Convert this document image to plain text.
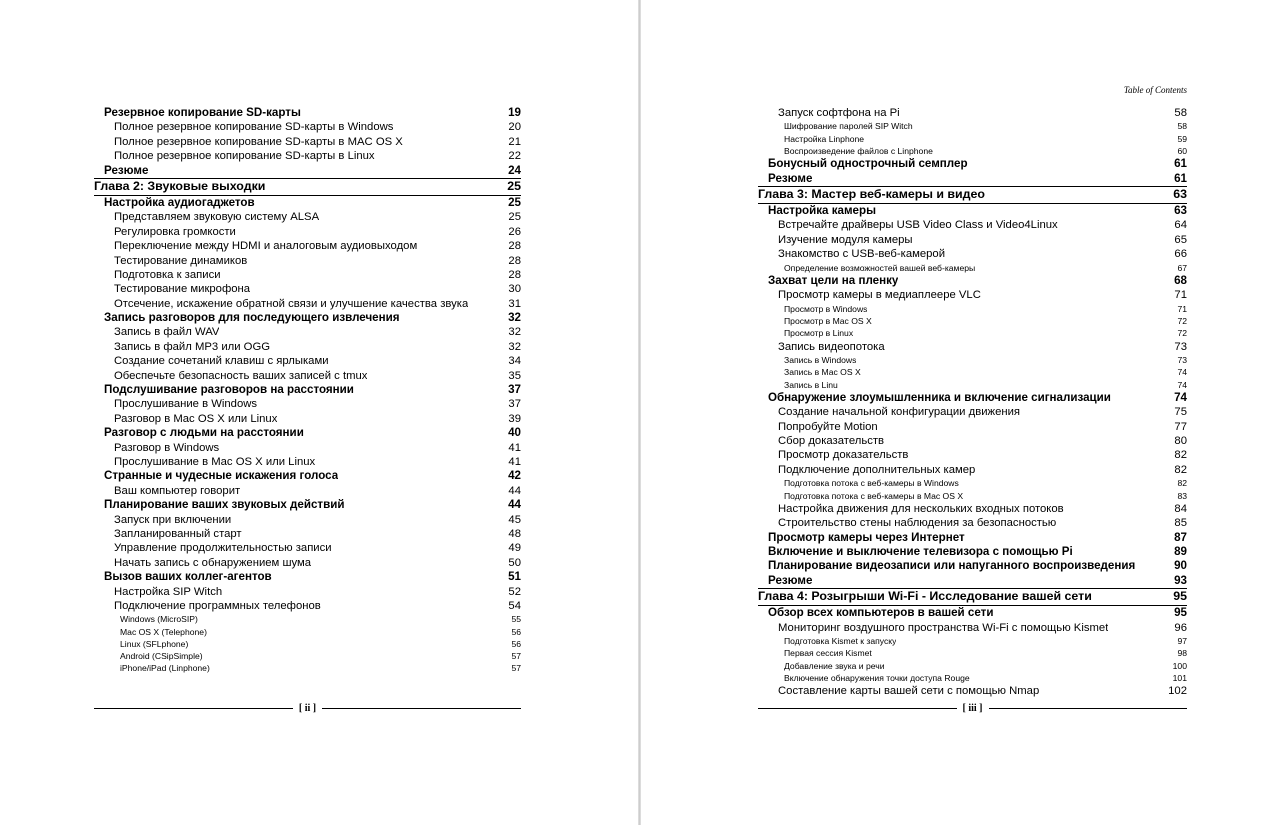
Резервное копирование SD-карты	19
Полное резервное копирование SD-карты в Windows	20
Полное резервное копирование SD-карты в MAC OS X	21
Полное резервное копирование SD-карты в Linux	22
Резюме	24
Глава 2: Звуковые выходки	25
Настройка аудиогаджетов	25
Представляем звуковую систему ALSA	25
Регулировка громкости	26
Переключение между HDMI и аналоговым аудиовыходом	28
Тестирование динамиков	28
Подготовка к записи	28
Тестирование микрофона	30
Отсечение, искажение обратной связи и улучшение качества звука	31
Запись разговоров для последующего извлечения	32
Запись в файл WAV	32
Запись в файл MP3 или OGG	32
Создание сочетаний клавиш с ярлыками	34
Обеспечьте безопасность ваших записей с tmux	35
Подслушивание разговоров на расстоянии	37
Прослушивание в Windows	37
Разговор в Mac OS X или Linux	39
Разговор с людьми на расстоянии	40
Разговор в Windows	41
Прослушивание в Mac OS X или Linux	41
Странные и чудесные искажения голоса	42
Ваш компьютер говорит	44
Планирование ваших звуковых действий	44
Запуск при включении	45
Запланированный старт	48
Управление продолжительностью записи	49
Начать запись с обнаружением шума	50
Вызов ваших коллег-агентов	51
Настройка SIP Witch	52
Подключение программных телефонов	54
Windows (MicroSIP)	55
Mac OS X (Telephone)	56
Linux (SFLphone)	56
Android (CSipSimple)	57
iPhone/iPad (Linphone)	57
[ ii ]
Table of Contents
Запуск софтфона на Pi	58
Шифрование паролей SIP Witch	58
Настройка Linphone	59
Воспроизведение файлов с Linphone	60
Бонусный однострочный семплер	61
Резюме	61
Глава 3: Мастер веб-камеры и видео	63
Настройка камеры	63
Встречайте драйверы USB Video Class и Video4Linux	64
Изучение модуля камеры	65
Знакомство с USB-веб-камерой	66
Определение возможностей вашей веб-камеры	67
Захват цели на пленку	68
Просмотр камеры в медиаплеере VLC	71
Просмотр в Windows	71
Просмотр в Mac OS X	72
Просмотр в Linux	72
Запись видеопотока	73
Запись в Windows	73
Запись в Mac OS X	74
Запись в Linu	74
Обнаружение злоумышленника и включение сигнализации	74
Создание начальной конфигурации движения	75
Попробуйте Motion	77
Сбор доказательств	80
Просмотр доказательств	82
Подключение дополнительных камер	82
Подготовка потока с веб-камеры в Windows	82
Подготовка потока с веб-камеры в Mac OS X	83
Настройка движения для нескольких входных потоков	84
Строительство стены наблюдения за безопасностью	85
Просмотр камеры через Интернет	87
Включение и выключение телевизора с помощью Pi	89
Планирование видеозаписи или напуганного воспроизведения	90
Резюме	93
Глава 4: Розыгрыши Wi-Fi - Исследование вашей сети	95
Обзор всех компьютеров в вашей сети	95
Мониторинг воздушного пространства Wi-Fi с помощью Kismet	96
Подготовка Kismet к запуску	97
Первая сессия Kismet	98
Добавление звука и речи	100
Включение обнаружения точки доступа Rouge	101
Составление карты вашей сети с помощью Nmap	102
[ iii ]
